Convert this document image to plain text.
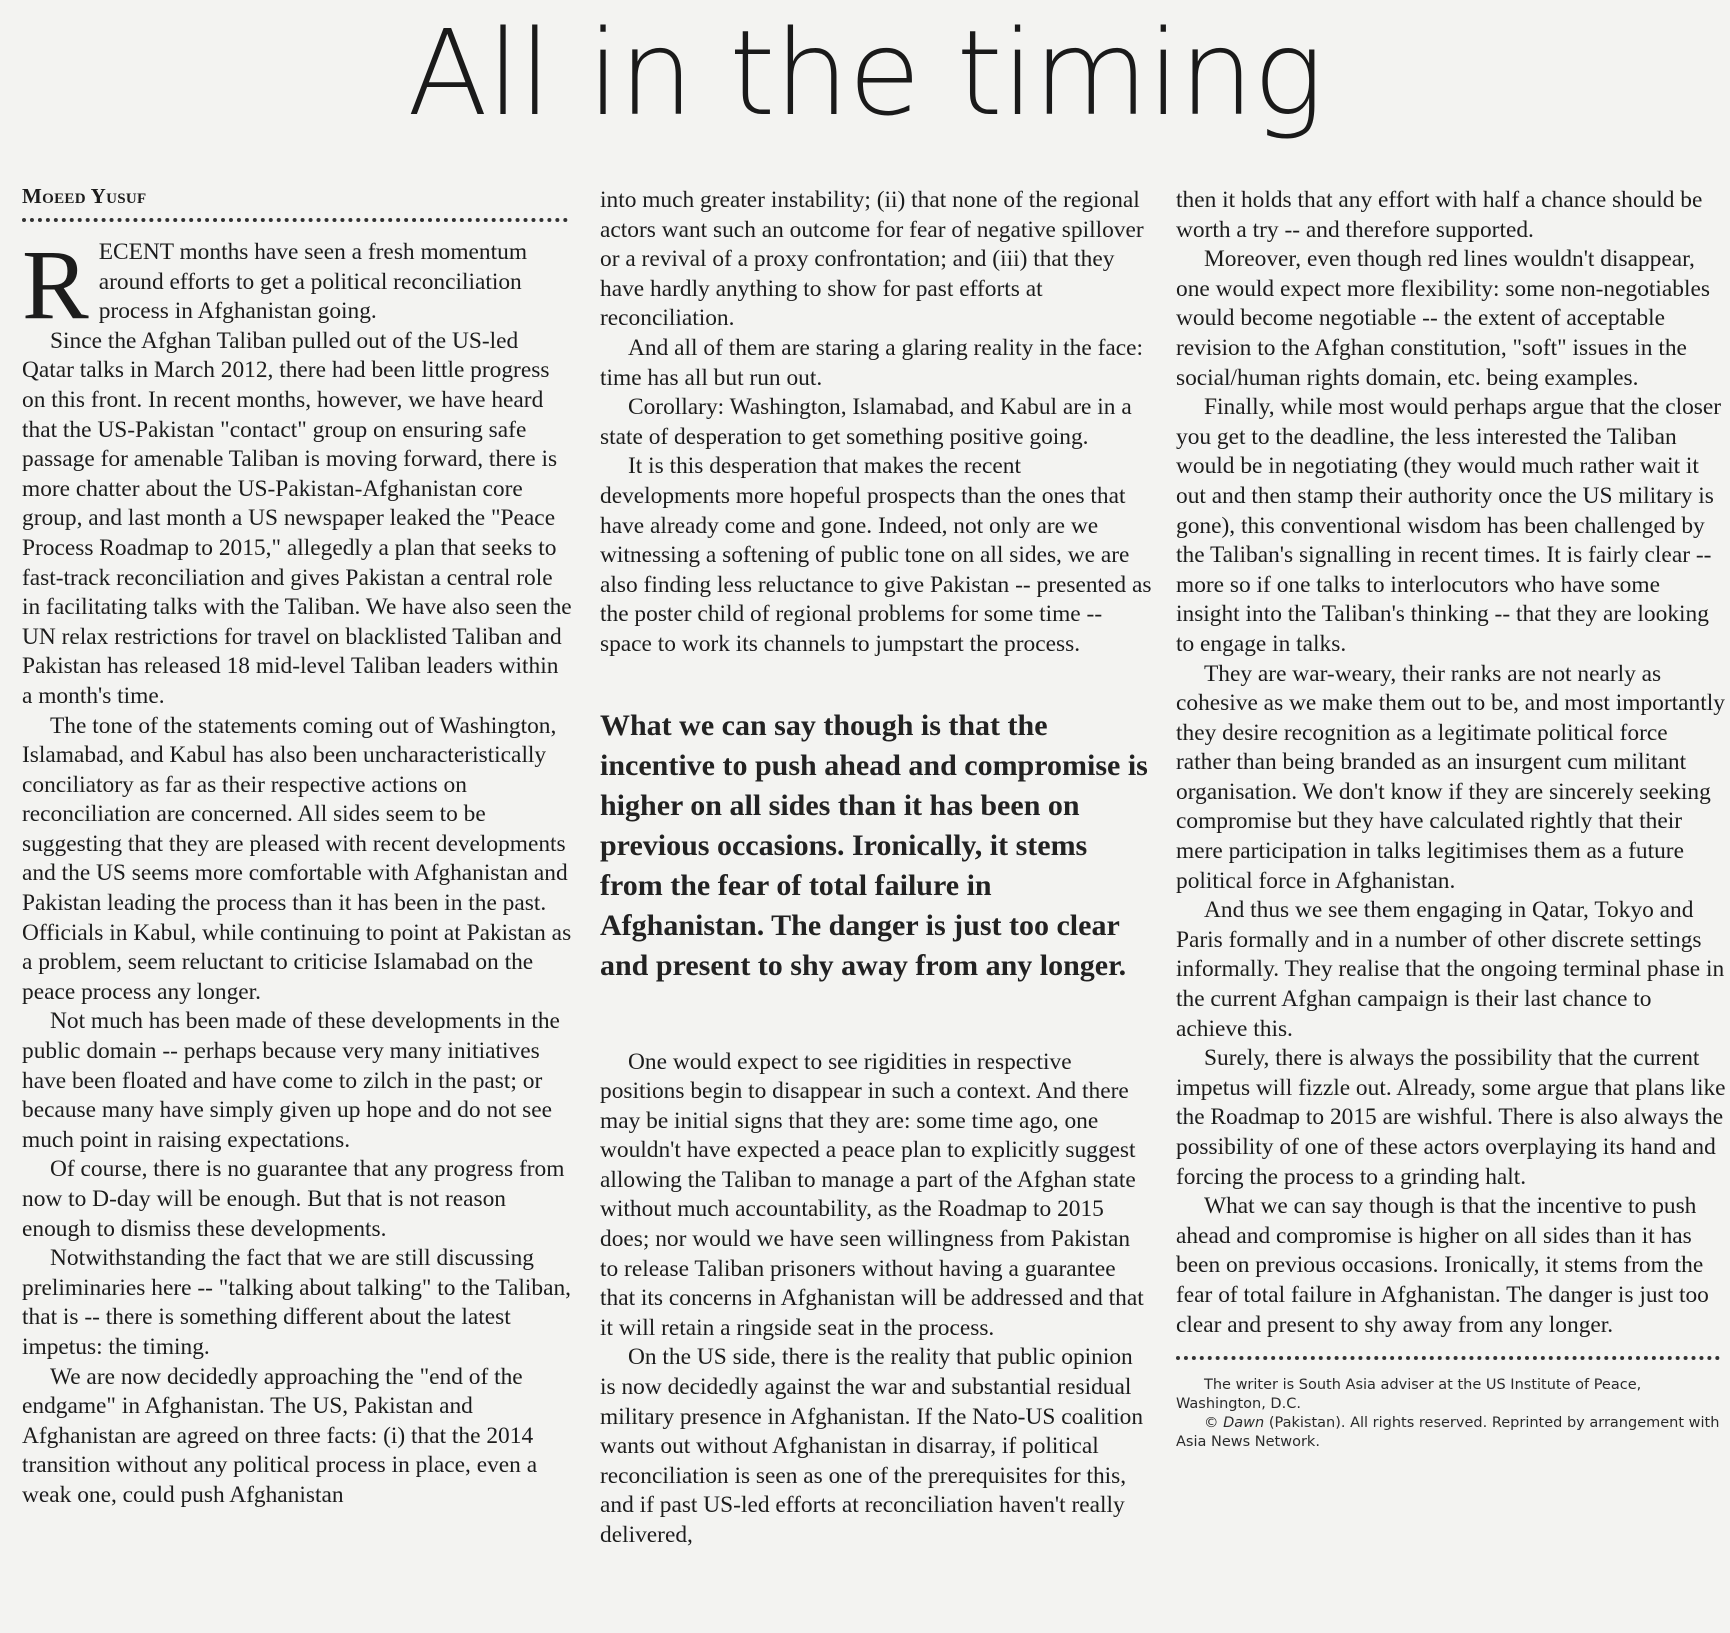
All in the timing
Moeed Yusuf

RECENT months have seen a fresh momentum around efforts to get a political reconciliation process in Afghanistan going.

Since the Afghan Taliban pulled out of the US-led Qatar talks in March 2012, there had been little progress on this front. In recent months, however, we have heard that the US-Pakistan "contact" group on ensuring safe passage for amenable Taliban is moving forward, there is more chatter about the US-Pakistan-Afghanistan core group, and last month a US newspaper leaked the "Peace Process Roadmap to 2015," allegedly a plan that seeks to fast-track reconciliation and gives Pakistan a central role in facilitating talks with the Taliban. We have also seen the UN relax restrictions for travel on blacklisted Taliban and Pakistan has released 18 mid-level Taliban leaders within a month's time.

The tone of the statements coming out of Washington, Islamabad, and Kabul has also been uncharacteristically conciliatory as far as their respective actions on reconciliation are concerned. All sides seem to be suggesting that they are pleased with recent developments and the US seems more comfortable with Afghanistan and Pakistan leading the process than it has been in the past. Officials in Kabul, while continuing to point at Pakistan as a problem, seem reluctant to criticise Islamabad on the peace process any longer.

Not much has been made of these developments in the public domain -- perhaps because very many initiatives have been floated and have come to zilch in the past; or because many have simply given up hope and do not see much point in raising expectations.

Of course, there is no guarantee that any progress from now to D-day will be enough. But that is not reason enough to dismiss these developments.

Notwithstanding the fact that we are still discussing preliminaries here -- "talking about talking" to the Taliban, that is -- there is something different about the latest impetus: the timing.

We are now decidedly approaching the "end of the endgame" in Afghanistan. The US, Pakistan and Afghanistan are agreed on three facts: (i) that the 2014 transition without any political process in place, even a weak one, could push Afghanistan

into much greater instability; (ii) that none of the regional actors want such an outcome for fear of negative spillover or a revival of a proxy confrontation; and (iii) that they have hardly anything to show for past efforts at reconciliation.

And all of them are staring a glaring reality in the face: time has all but run out.

Corollary: Washington, Islamabad, and Kabul are in a state of desperation to get something positive going.

It is this desperation that makes the recent developments more hopeful prospects than the ones that have already come and gone. Indeed, not only are we witnessing a softening of public tone on all sides, we are also finding less reluctance to give Pakistan -- presented as the poster child of regional problems for some time -- space to work its channels to jumpstart the process.

What we can say though is that the incentive to push ahead and compromise is higher on all sides than it has been on previous occasions. Ironically, it stems from the fear of total failure in Afghanistan. The danger is just too clear and present to shy away from any longer.

One would expect to see rigidities in respective positions begin to disappear in such a context. And there may be initial signs that they are: some time ago, one wouldn't have expected a peace plan to explicitly suggest allowing the Taliban to manage a part of the Afghan state without much accountability, as the Roadmap to 2015 does; nor would we have seen willingness from Pakistan to release Taliban prisoners without having a guarantee that its concerns in Afghanistan will be addressed and that it will retain a ringside seat in the process.

On the US side, there is the reality that public opinion is now decidedly against the war and substantial residual military presence in Afghanistan. If the Nato-US coalition wants out without Afghanistan in disarray, if political reconciliation is seen as one of the prerequisites for this, and if past US-led efforts at reconciliation haven't really delivered,

then it holds that any effort with half a chance should be worth a try -- and therefore supported.

Moreover, even though red lines wouldn't disappear, one would expect more flexibility: some non-negotiables would become negotiable -- the extent of acceptable revision to the Afghan constitution, "soft" issues in the social/human rights domain, etc. being examples.

Finally, while most would perhaps argue that the closer you get to the deadline, the less interested the Taliban would be in negotiating (they would much rather wait it out and then stamp their authority once the US military is gone), this conventional wisdom has been challenged by the Taliban's signalling in recent times. It is fairly clear -- more so if one talks to interlocutors who have some insight into the Taliban's thinking -- that they are looking to engage in talks.

They are war-weary, their ranks are not nearly as cohesive as we make them out to be, and most importantly they desire recognition as a legitimate political force rather than being branded as an insurgent cum militant organisation. We don't know if they are sincerely seeking compromise but they have calculated rightly that their mere participation in talks legitimises them as a future political force in Afghanistan.

And thus we see them engaging in Qatar, Tokyo and Paris formally and in a number of other discrete settings informally. They realise that the ongoing terminal phase in the current Afghan campaign is their last chance to achieve this.

Surely, there is always the possibility that the current impetus will fizzle out. Already, some argue that plans like the Roadmap to 2015 are wishful. There is also always the possibility of one of these actors overplaying its hand and forcing the process to a grinding halt.

What we can say though is that the incentive to push ahead and compromise is higher on all sides than it has been on previous occasions. Ironically, it stems from the fear of total failure in Afghanistan. The danger is just too clear and present to shy away from any longer.

The writer is South Asia adviser at the US Institute of Peace, Washington, D.C.

© Dawn (Pakistan). All rights reserved. Reprinted by arrangement with Asia News Network.
